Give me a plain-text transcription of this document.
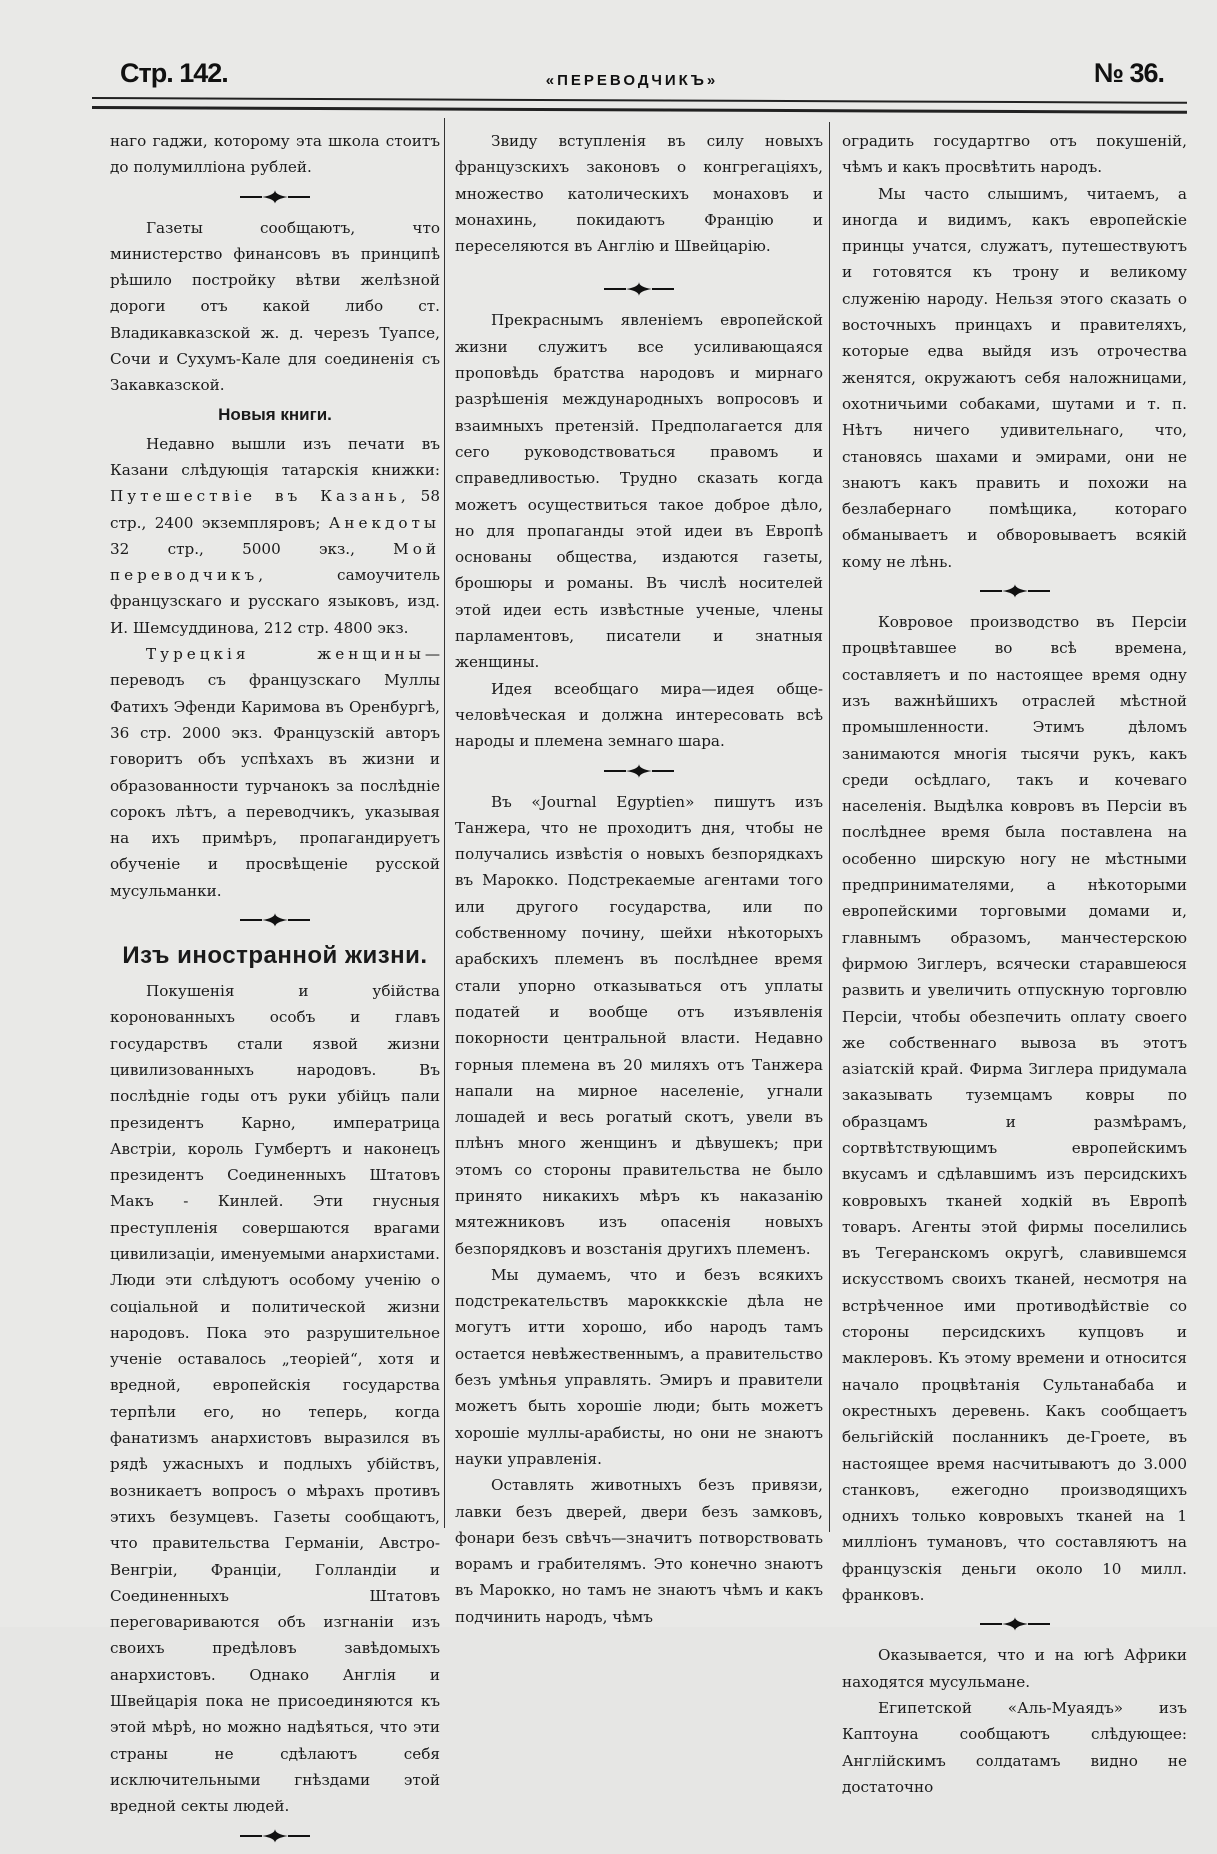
Стр. 142.	«ПЕРЕВОДЧИКЪ»	№ 36.

наго гаджи, которому эта школа стоитъ до полумилліона рублей.

Газеты сообщаютъ, что министерство финансовъ въ принципѣ рѣшило постройку вѣтви желѣзной дороги отъ какой либо ст. Владикавказской ж. д. черезъ Туапсе, Сочи и Сухумъ-Кале для соединенія съ Закавказской.

Новыя книги.

Недавно вышли изъ печати въ Казани слѣдующія татарскія книжки: Путешествіе въ Казань, 58 стр., 2400 экземпляровъ; Анекдоты 32 стр., 5000 экз., Мой переводчикъ, самоучитель французскаго и русскаго языковъ, изд. И. Шемсуддинова, 212 стр. 4800 экз.

Турецкія женщины—переводъ съ французскаго Муллы Фатихъ Эфенди Каримова въ Оренбургѣ, 36 стр. 2000 экз. Французскій авторъ говоритъ объ успѣхахъ въ жизни и образованности турчанокъ за послѣдніе сорокъ лѣтъ, а переводчикъ, указывая на ихъ примѣръ, пропагандируетъ обученіе и просвѣщеніе русской мусульманки.

Изъ иностранной жизни.

Покушенія и убійства коронованныхъ особъ и главъ государствъ стали язвой жизни цивилизованныхъ народовъ. Въ послѣдніе годы отъ руки убійцъ пали президентъ Карно, императрица Австріи, король Гумбертъ и наконецъ президентъ Соединенныхъ Штатовъ Макъ - Кинлей. Эти гнусныя преступленія совершаются врагами цивилизаціи, именуемыми анархистами. Люди эти слѣдуютъ особому ученію о соціальной и политической жизни народовъ. Пока это разрушительное ученіе оставалось „теоріей“, хотя и вредной, европейскія государства терпѣли его, но теперь, когда фанатизмъ анархистовъ выразился въ рядѣ ужасныхъ и подлыхъ убійствъ, возникаетъ вопросъ о мѣрахъ противъ этихъ безумцевъ. Газеты сообщаютъ, что правительства Германіи, Австро-Венгріи, Франціи, Голландіи и Соединенныхъ Штатовъ переговариваются объ изгнаніи изъ своихъ предѣловъ завѣдомыхъ анархистовъ. Однако Англія и Швейцарія пока не присоединяются къ этой мѣрѣ, но можно надѣяться, что эти страны не сдѣлаютъ себя исключительными гнѣздами этой вредной секты людей.

Звиду вступленія въ силу новыхъ французскихъ законовъ о конгрегаціяхъ, множество католическихъ монаховъ и монахинь, покидаютъ Францію и переселяются въ Англію и Швейцарію.

Прекраснымъ явленіемъ европейской жизни служитъ все усиливающаяся проповѣдь братства народовъ и мирнаго разрѣшенія международныхъ вопросовъ и взаимныхъ претензій. Предполагается для сего руководствоваться правомъ и справедливостью. Трудно сказать когда можетъ осуществиться такое доброе дѣло, но для пропаганды этой идеи въ Европѣ основаны общества, издаются газеты, брошюры и романы. Въ числѣ носителей этой идеи есть извѣстные ученые, члены парламентовъ, писатели и знатныя женщины.

Идея всеобщаго мира—идея обще-человѣческая и должна интересовать всѣ народы и племена земнаго шара.

Въ «Journal Egyptien» пишутъ изъ Танжера, что не проходитъ дня, чтобы не получались извѣстія о новыхъ безпорядкахъ въ Марокко. Подстрекаемые агентами того или другого государства, или по собственному почину, шейхи нѣкоторыхъ арабскихъ племенъ въ послѣднее время стали упорно отказываться отъ уплаты податей и вообще отъ изъявленія покорности центральной власти. Недавно горныя племена въ 20 миляхъ отъ Танжера напали на мирное населеніе, угнали лошадей и весь рогатый скотъ, увели въ плѣнъ много женщинъ и дѣвушекъ; при этомъ со стороны правительства не было принято никакихъ мѣръ къ наказанію мятежниковъ изъ опасенія новыхъ безпорядковъ и возстанія другихъ племенъ.

Мы думаемъ, что и безъ всякихъ подстрекательствъ марокккскіе дѣла не могутъ итти хорошо, ибо народъ тамъ остается невѣжественнымъ, а правительство безъ умѣнья управлять. Эмиръ и правители можетъ быть хорошіе люди; быть можетъ хорошіе муллы-арабисты, но они не знаютъ науки управленія.

Оставлять животныхъ безъ привязи, лавки безъ дверей, двери безъ замковъ, фонари безъ свѣчъ—значитъ потворствовать ворамъ и грабителямъ. Это конечно знаютъ въ Марокко, но тамъ не знаютъ чѣмъ и какъ подчинить народъ, чѣмъ

оградить государтгво отъ покушеній, чѣмъ и какъ просвѣтить народъ.

Мы часто слышимъ, читаемъ, а иногда и видимъ, какъ европейскіе принцы учатся, служатъ, путешествуютъ и готовятся къ трону и великому служенію народу. Нельзя этого сказать о восточныхъ принцахъ и правителяхъ, которые едва выйдя изъ отрочества женятся, окружаютъ себя наложницами, охотничьими собаками, шутами и т. п. Нѣтъ ничего удивительнаго, что, становясь шахами и эмирами, они не знаютъ какъ править и похожи на безлабернаго помѣщика, котораго обманываетъ и обворовываетъ всякій кому не лѣнь.

Ковровое производство въ Персіи процвѣтавшее во всѣ времена, составляетъ и по настоящее время одну изъ важнѣйшихъ отраслей мѣстной промышленности. Этимъ дѣломъ занимаются многія тысячи рукъ, какъ среди осѣдлаго, такъ и кочеваго населенія. Выдѣлка ковровъ въ Персіи въ послѣднее время была поставлена на особенно ширскую ногу не мѣстными предпринимателями, а нѣкоторыми европейскими торговыми домами и, главнымъ образомъ, манчестерскою фирмою Зиглеръ, всячески старавшеюся развить и увеличить отпускную торговлю Персіи, чтобы обезпечить оплату своего же собственнаго вывоза въ этотъ азіатскій край. Фирма Зиглера придумала заказывать туземцамъ ковры по образцамъ и размѣрамъ, сортвѣтствующимъ европейскимъ вкусамъ и сдѣлавшимъ изъ персидскихъ ковровыхъ тканей ходкій въ Европѣ товаръ. Агенты этой фирмы поселились въ Тегеранскомъ округѣ, славившемся искусствомъ своихъ тканей, несмотря на встрѣченное ими противодѣйствіе со стороны персидскихъ купцовъ и маклеровъ. Къ этому времени и относится начало процвѣтанія Сультанабаба и окрестныхъ деревень. Какъ сообщаетъ бельгійскій посланникъ де-Гроете, въ настоящее время насчитываютъ до 3.000 станковъ, ежегодно производящихъ однихъ только ковровыхъ тканей на 1 милліонъ тумановъ, что составляютъ на французскія деньги около 10 милл. франковъ.

Оказывается, что и на югѣ Африки находятся мусульмане.

Египетской «Аль-Муаядъ» изъ Каптоуна сообщаютъ слѣдующее: Англійскимъ солдатамъ видно не достаточно
